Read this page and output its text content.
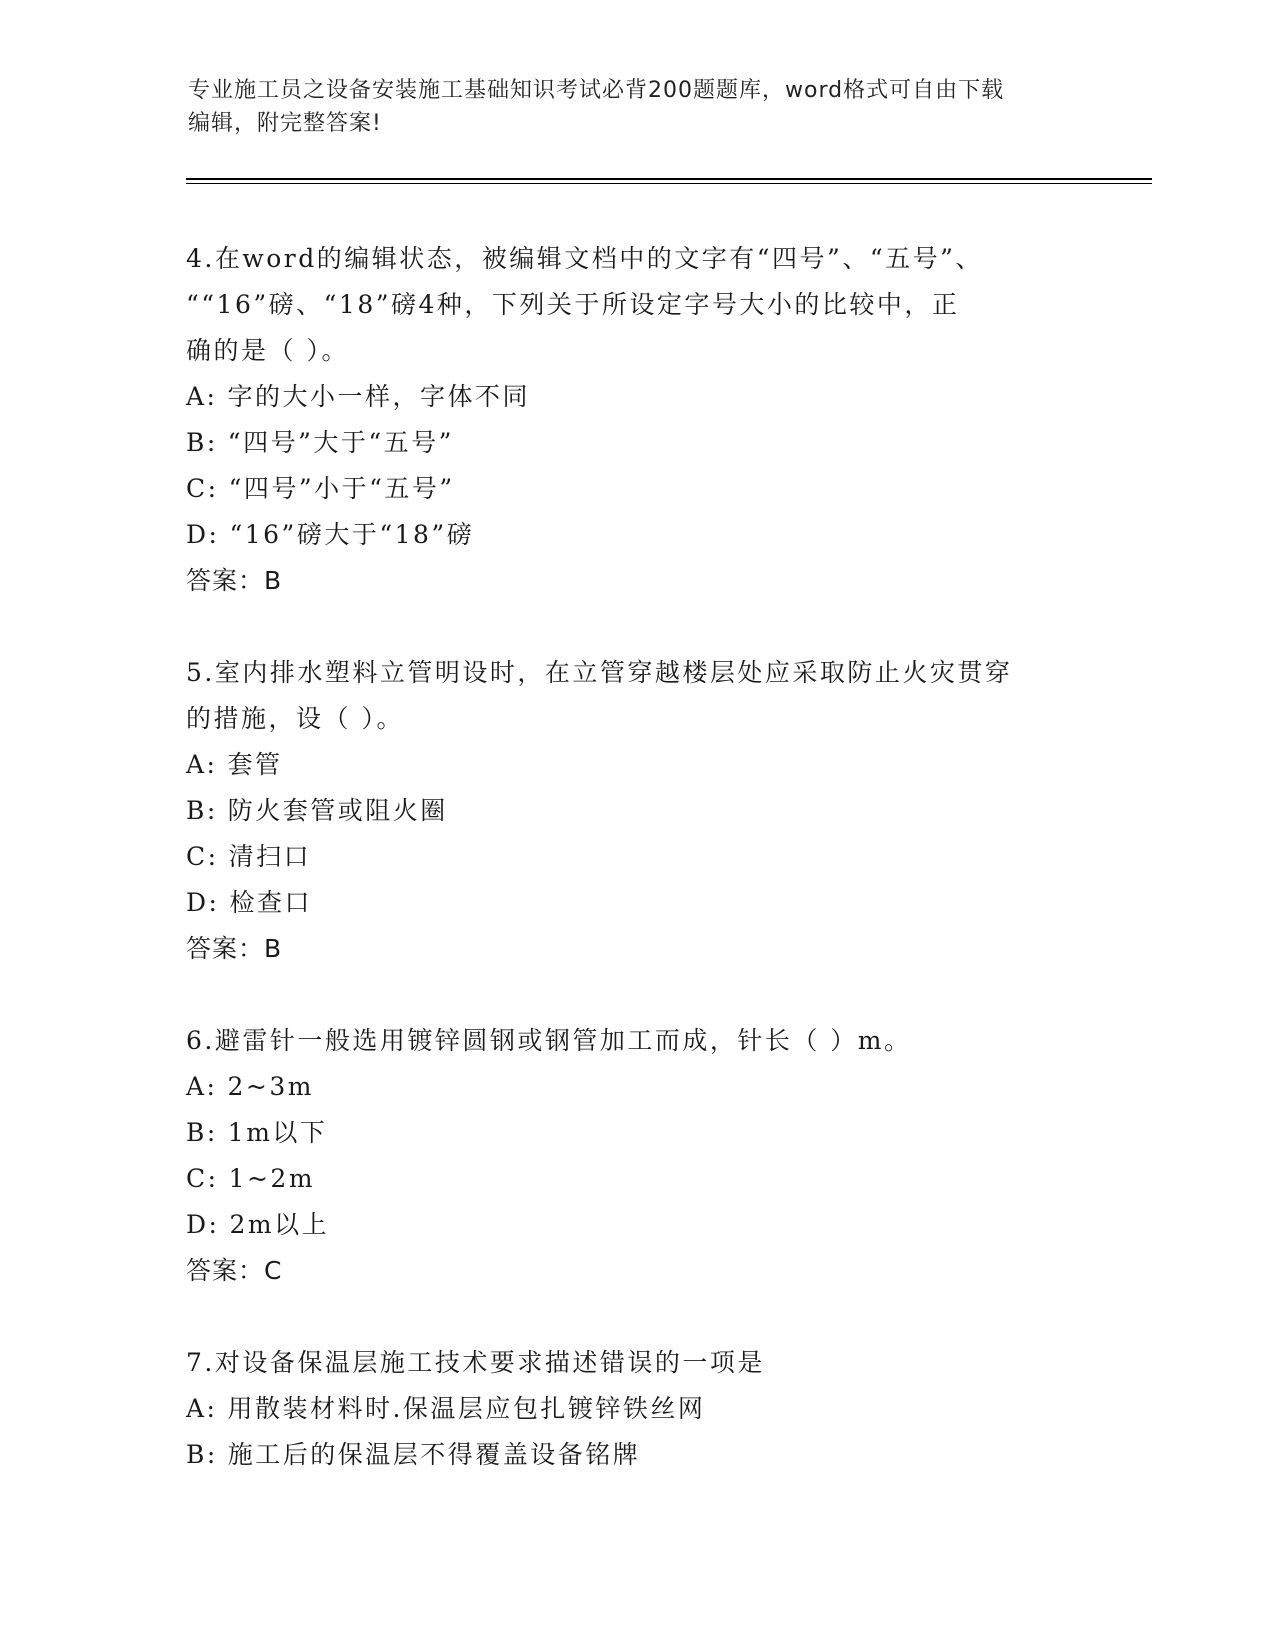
专业施工员之设备安装施工基础知识考试必背200题题库，word格式可自由下载
编辑，附完整答案!
4.在word的编辑状态，被编辑文档中的文字有“四号”、“五号”、
““16”磅、“18”磅4种，下列关于所设定字号大小的比较中，正
确的是（ ）。
A: 字的大小一样，字体不同
B: “四号”大于“五号”
C: “四号”小于“五号”
D: “16”磅大于“18”磅
答案：B
5.室内排水塑料立管明设时，在立管穿越楼层处应采取防止火灾贯穿
的措施，设（ ）。
A: 套管
B: 防火套管或阻火圈
C: 清扫口
D: 检查口
答案：B
6.避雷针一般选用镀锌圆钢或钢管加工而成，针长（ ）m。
A: 2~3m
B: 1m以下
C: 1~2m
D: 2m以上
答案：C
7.对设备保温层施工技术要求描述错误的一项是
A: 用散装材料时.保温层应包扎镀锌铁丝网
B: 施工后的保温层不得覆盖设备铭牌
